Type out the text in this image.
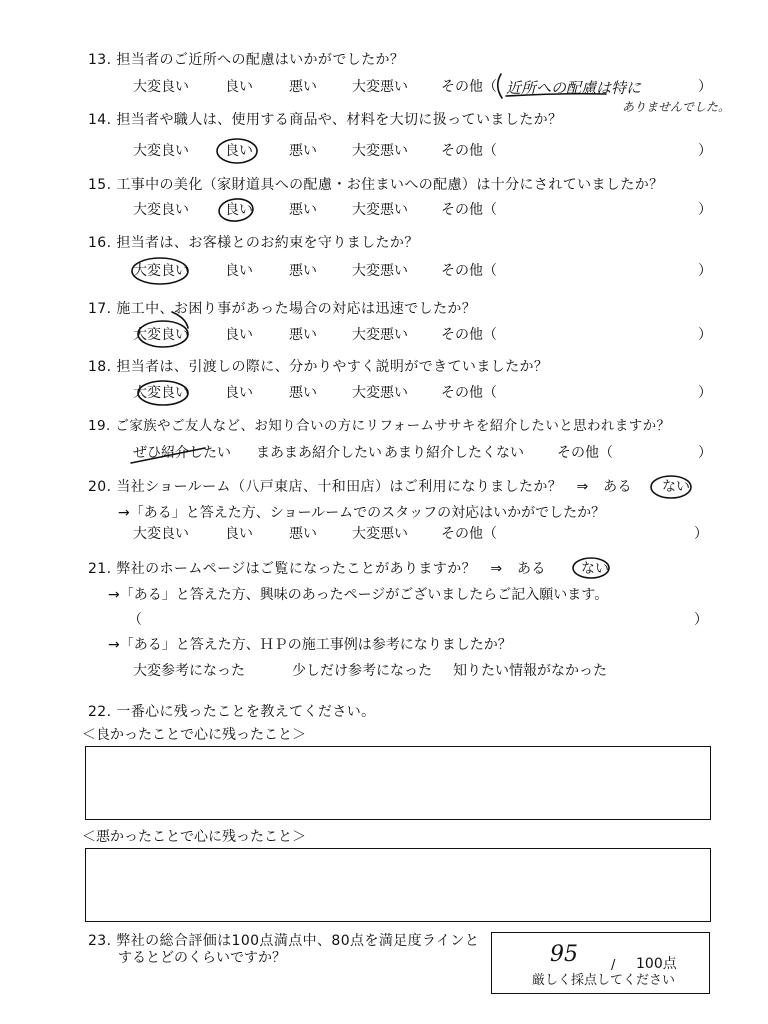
13. 担当者のご近所への配慮はいかがでしたか？
大変良い	良い	悪い	大変悪い その他（ 近所への配慮は特に	）
ありませんでした。
14. 担当者や職人は、使用する商品や、材料を大切に扱っていましたか？
大変良い	良い	悪い	大変悪い その他（	）
15. 工事中の美化（家財道具への配慮・お住まいへの配慮）は十分にされていましたか？
大変良い	良い	悪い	大変悪い その他（	）
16. 担当者は、お客様とのお約束を守りましたか？
大変良い	良い	悪い	大変悪い その他（	）
17. 施工中、お困り事があった場合の対応は迅速でしたか？
大変良い	良い	悪い	大変悪い その他（	）
18. 担当者は、引渡しの際に、分かりやすく説明ができていましたか？
大変良い	良い	悪い	大変悪い その他（	）
19. ご家族やご友人など、お知り合いの方にリフォームササキを紹介したいと思われますか？
ぜひ紹介したい まあまあ紹介したい あまり紹介したくない その他（	）
20. 当社ショールーム（八戸東店、十和田店）はご利用になりましたか？　⇒　ある ない
→「ある」と答えた方、ショールームでのスタッフの対応はいかがでしたか？
大変良い	良い	悪い	大変悪い その他（	）
21. 弊社のホームページはご覧になったことがありますか？　⇒　ある	ない
→「ある」と答えた方、興味のあったページがございましたらご記入願います。
（	）
→「ある」と答えた方、ＨＰの施工事例は参考になりましたか？
大変参考になった	少しだけ参考になった 知りたい情報がなかった
22. 一番心に残ったことを教えてください。
＜良かったことで心に残ったこと＞
＜悪かったことで心に残ったこと＞
23. 弊社の総合評価は100点満点中、80点を満足度ラインと
するとどのくらいですか？	95	/ 100点
厳しく採点してください
